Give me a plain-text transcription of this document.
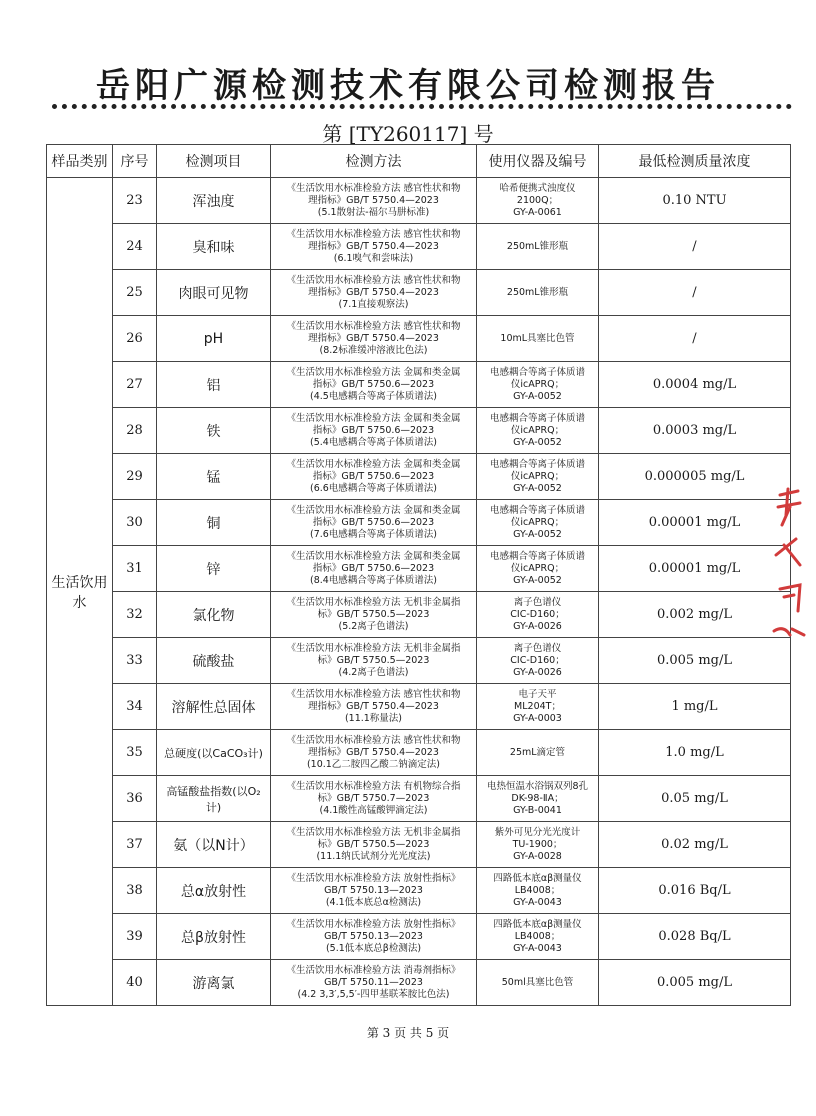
岳阳广源检测技术有限公司检测报告
第 [TY260117] 号
样品类别	序号	检测项目	检测方法	使用仪器及编号	最低检测质量浓度
生活饮用水	23	浑浊度	《生活饮用水标准检验方法 感官性状和物
理指标》GB/T 5750.4—2023
(5.1散射法-福尔马肼标准)	哈希便携式浊度仪
2100Q；
GY-A-0061	0.10 NTU
	24	臭和味	《生活饮用水标准检验方法 感官性状和物
理指标》GB/T 5750.4—2023
(6.1嗅气和尝味法)	250mL锥形瓶	/
	25	肉眼可见物	《生活饮用水标准检验方法 感官性状和物
理指标》GB/T 5750.4—2023
(7.1直接观察法)	250mL锥形瓶	/
	26	pH	《生活饮用水标准检验方法 感官性状和物
理指标》GB/T 5750.4—2023
(8.2标准缓冲溶液比色法)	10mL具塞比色管	/
	27	铝	《生活饮用水标准检验方法 金属和类金属
指标》GB/T 5750.6—2023
(4.5电感耦合等离子体质谱法)	电感耦合等离子体质谱
仪icAPRQ；
GY-A-0052	0.0004 mg/L
	28	铁	《生活饮用水标准检验方法 金属和类金属
指标》GB/T 5750.6—2023
(5.4电感耦合等离子体质谱法)	电感耦合等离子体质谱
仪icAPRQ；
GY-A-0052	0.0003 mg/L
	29	锰	《生活饮用水标准检验方法 金属和类金属
指标》GB/T 5750.6—2023
(6.6电感耦合等离子体质谱法)	电感耦合等离子体质谱
仪icAPRQ；
GY-A-0052	0.000005 mg/L
	30	铜	《生活饮用水标准检验方法 金属和类金属
指标》GB/T 5750.6—2023
(7.6电感耦合等离子体质谱法)	电感耦合等离子体质谱
仪icAPRQ；
GY-A-0052	0.00001 mg/L
	31	锌	《生活饮用水标准检验方法 金属和类金属
指标》GB/T 5750.6—2023
(8.4电感耦合等离子体质谱法)	电感耦合等离子体质谱
仪icAPRQ；
GY-A-0052	0.00001 mg/L
	32	氯化物	《生活饮用水标准检验方法 无机非金属指
标》GB/T 5750.5—2023
(5.2离子色谱法)	离子色谱仪
CIC-D160；
GY-A-0026	0.002 mg/L
	33	硫酸盐	《生活饮用水标准检验方法 无机非金属指
标》GB/T 5750.5—2023
(4.2离子色谱法)	离子色谱仪
CIC-D160；
GY-A-0026	0.005 mg/L
	34	溶解性总固体	《生活饮用水标准检验方法 感官性状和物
理指标》GB/T 5750.4—2023
(11.1称量法)	电子天平
ML204T；
GY-A-0003	1 mg/L
	35	总硬度(以CaCO₃计)	《生活饮用水标准检验方法 感官性状和物
理指标》GB/T 5750.4—2023
(10.1乙二胺四乙酸二钠滴定法)	25mL滴定管	1.0 mg/L
	36	高锰酸盐指数(以O₂计)	《生活饮用水标准检验方法 有机物综合指
标》GB/T 5750.7—2023
(4.1酸性高锰酸钾滴定法)	电热恒温水浴锅双列8孔
DK-98-ⅡA；
GY-B-0041	0.05 mg/L
	37	氨（以N计）	《生活饮用水标准检验方法 无机非金属指
标》GB/T 5750.5—2023
(11.1纳氏试剂分光光度法)	紫外可见分光光度计
TU-1900；
GY-A-0028	0.02 mg/L
	38	总α放射性	《生活饮用水标准检验方法 放射性指标》
GB/T 5750.13—2023
(4.1低本底总α检测法)	四路低本底αβ测量仪
LB4008；
GY-A-0043	0.016 Bq/L
	39	总β放射性	《生活饮用水标准检验方法 放射性指标》
GB/T 5750.13—2023
(5.1低本底总β检测法)	四路低本底αβ测量仪
LB4008；
GY-A-0043	0.028 Bq/L
	40	游离氯	《生活饮用水标准检验方法 消毒剂指标》
GB/T 5750.11—2023
(4.2 3,3′,5,5′-四甲基联苯胺比色法)	50ml具塞比色管	0.005 mg/L
第 3 页 共 5 页
